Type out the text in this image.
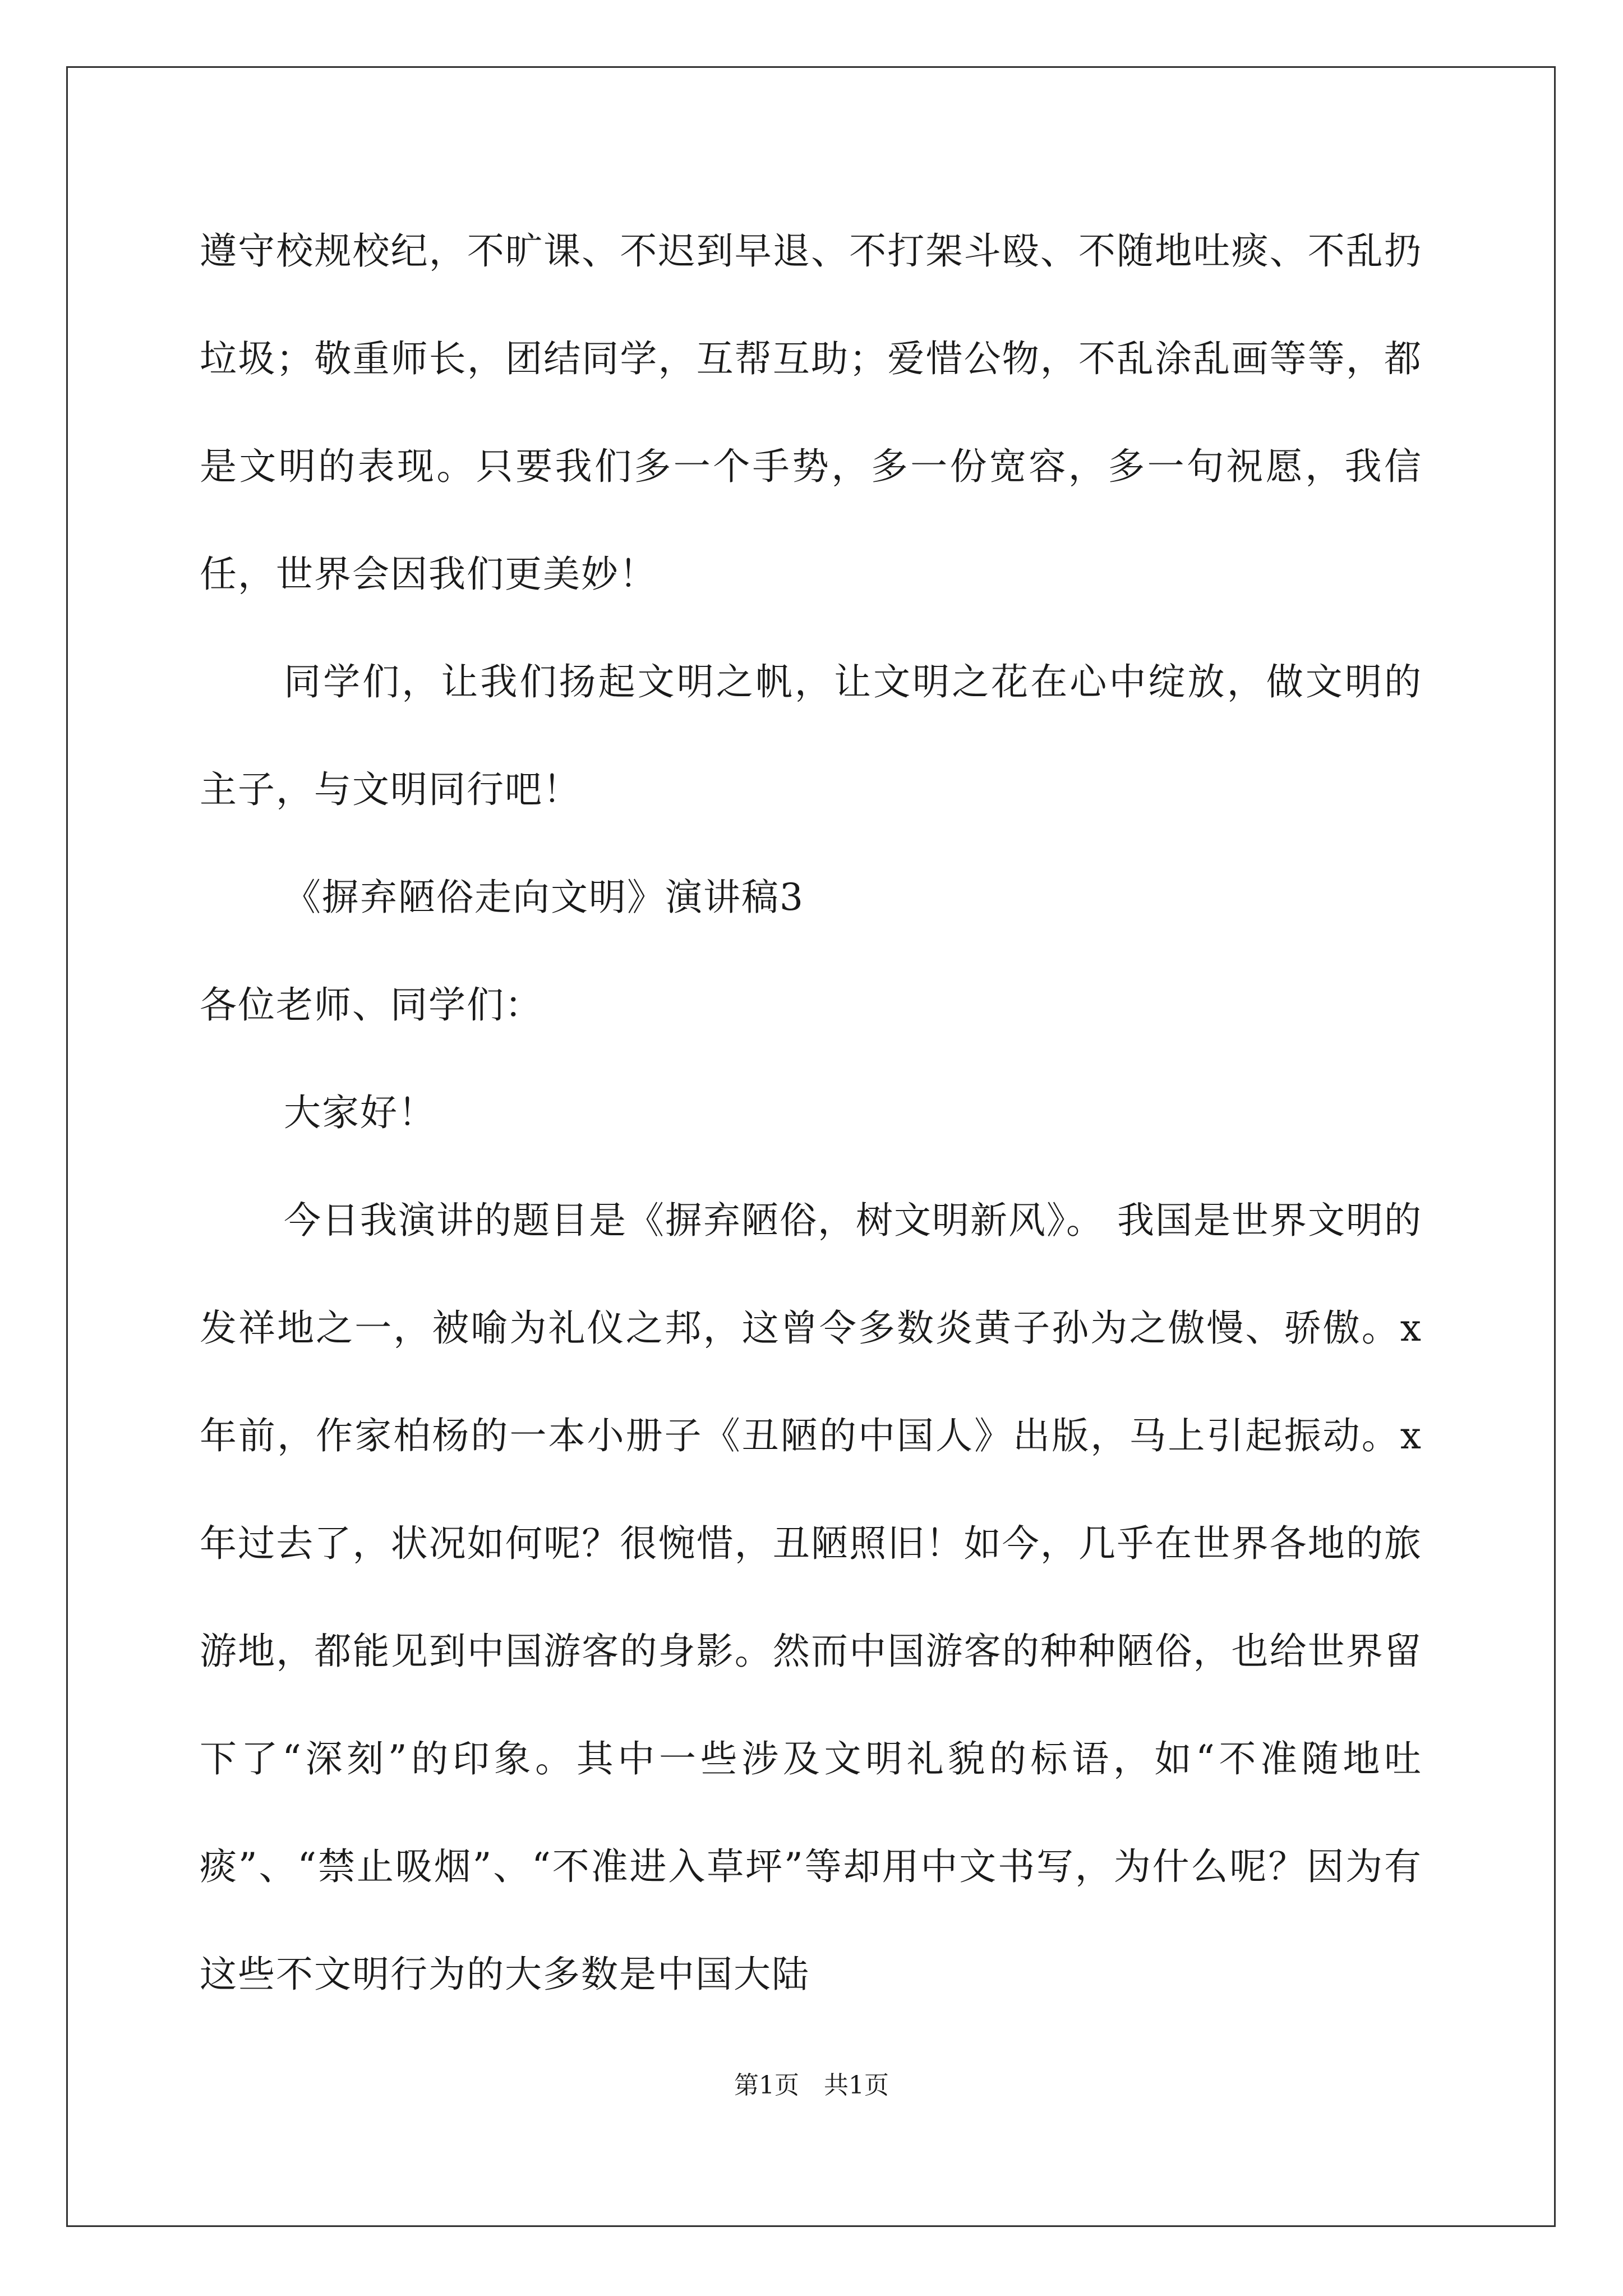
遵守校规校纪，不旷课、不迟到早退、不打架斗殴、不随地吐痰、不乱扔垃圾；敬重师长，团结同学，互帮互助；爱惜公物，不乱涂乱画等等，都是文明的表现。只要我们多一个手势，多一份宽容，多一句祝愿，我信任，世界会因我们更美妙！

同学们，让我们扬起文明之帆，让文明之花在心中绽放，做文明的主子，与文明同行吧！

《摒弃陋俗走向文明》演讲稿3

各位老师、同学们：

大家好！

今日我演讲的题目是《摒弃陋俗，树文明新风》。 我国是世界文明的发祥地之一，被喻为礼仪之邦，这曾令多数炎黄子孙为之傲慢、骄傲。x年前，作家柏杨的一本小册子《丑陋的中国人》出版，马上引起振动。x年过去了，状况如何呢？很惋惜，丑陋照旧！如今，几乎在世界各地的旅游地，都能见到中国游客的身影。然而中国游客的种种陋俗，也给世界留下了“深刻”的印象。其中一些涉及文明礼貌的标语，如“不准随地吐痰”、“禁止吸烟”、“不准进入草坪”等却用中文书写，为什么呢？因为有这些不文明行为的大多数是中国大陆

第1页　共1页
